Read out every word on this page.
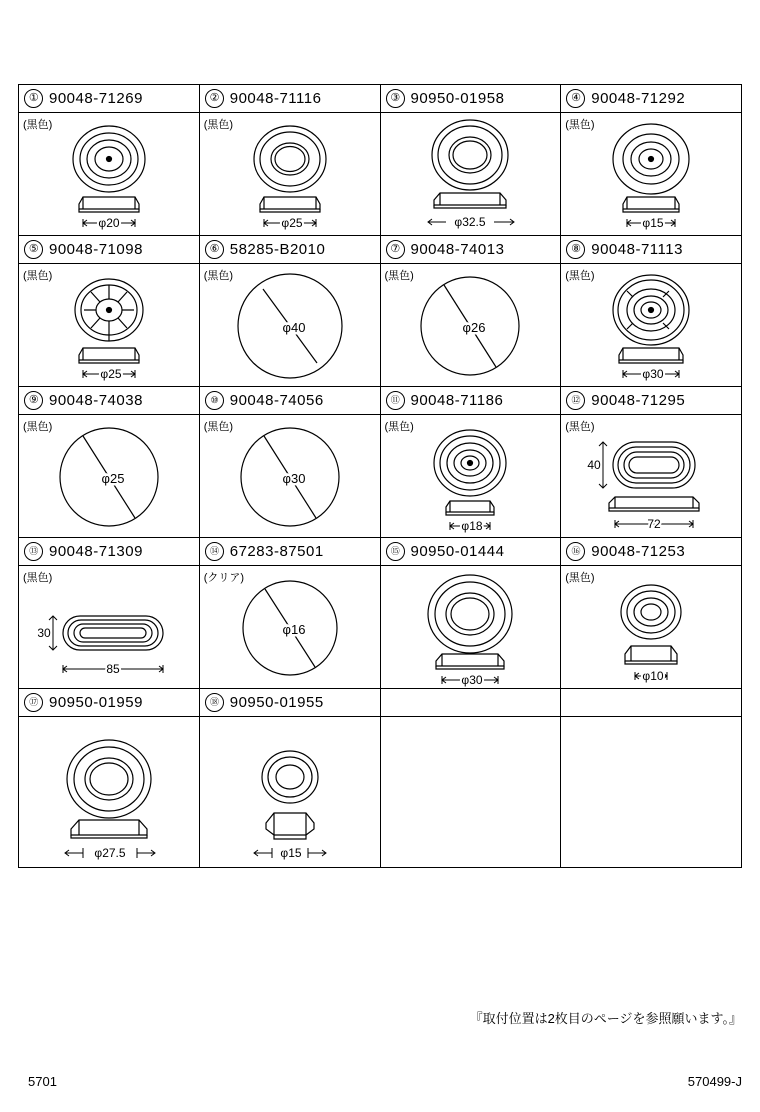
① 90048-71269
(黒色)
φ20

② 90048-71116
(黒色)
φ25

③ 90950-01958
φ32.5

④ 90048-71292
(黒色)
φ15

⑤ 90048-71098
(黒色)
φ25

⑥ 58285-B2010
(黒色)
φ40

⑦ 90048-74013
(黒色)
φ26

⑧ 90048-71113
(黒色)
φ30

⑨ 90048-74038
(黒色)
φ25

⑩ 90048-74056
(黒色)
φ30

⑪ 90048-71186
(黒色)
φ18

⑫ 90048-71295
(黒色)
40
72

⑬ 90048-71309
(黒色)
30
85

⑭ 67283-87501
(クリア)
φ16

⑮ 90950-01444
φ30

⑯ 90048-71253
(黒色)
φ10

⑰ 90950-01959
φ27.5

⑱ 90950-01955
φ15

『取付位置は2枚目のページを参照願います。』
5701	570499-J
